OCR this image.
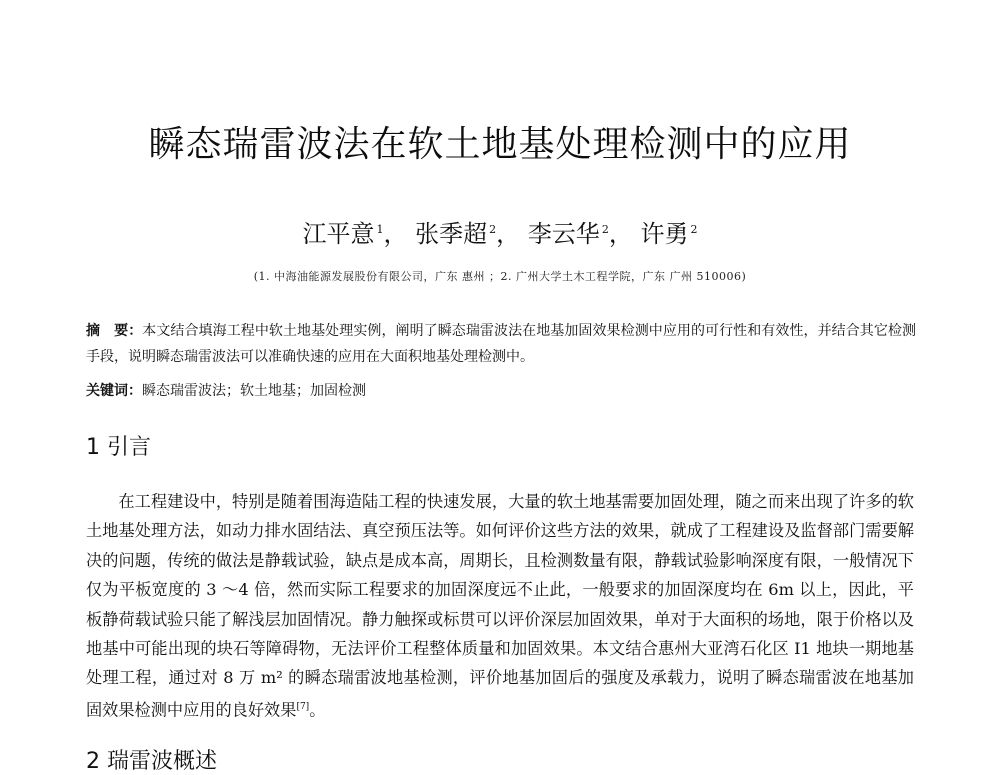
瞬态瑞雷波法在软土地基处理检测中的应用
江平意 $^1$， 张季超 $^2$， 李云华 $^2$， 许勇 $^2$
(1. 中海油能源发展股份有限公司，广东 惠州 ；2. 广州大学土木工程学院，广东 广州 510006)
摘　要：本文结合填海工程中软土地基处理实例，阐明了瞬态瑞雷波法在地基加固效果检测中应用的可行性和有效性，并结合其它检测手段，说明瞬态瑞雷波法可以准确快速的应用在大面积地基处理检测中。
关键词：瞬态瑞雷波法；软土地基；加固检测
1 引言
在工程建设中，特别是随着围海造陆工程的快速发展，大量的软土地基需要加固处理，随之而来出现了许多的软土地基处理方法，如动力排水固结法、真空预压法等。如何评价这些方法的效果，就成了工程建设及监督部门需要解决的问题，传统的做法是静载试验，缺点是成本高，周期长，且检测数量有限，静载试验影响深度有限，一般情况下仅为平板宽度的 3 ～4 倍，然而实际工程要求的加固深度远不止此，一般要求的加固深度均在 6m 以上，因此，平板静荷载试验只能了解浅层加固情况。静力触探或标贯可以评价深层加固效果，单对于大面积的场地，限于价格以及地基中可能出现的块石等障碍物，无法评价工程整体质量和加固效果。本文结合惠州大亚湾石化区 I1 地块一期地基处理工程，通过对 8 万 m² 的瞬态瑞雷波地基检测，评价地基加固后的强度及承载力，说明了瞬态瑞雷波在地基加固效果检测中应用的良好效果[7]。
2 瑞雷波概述
